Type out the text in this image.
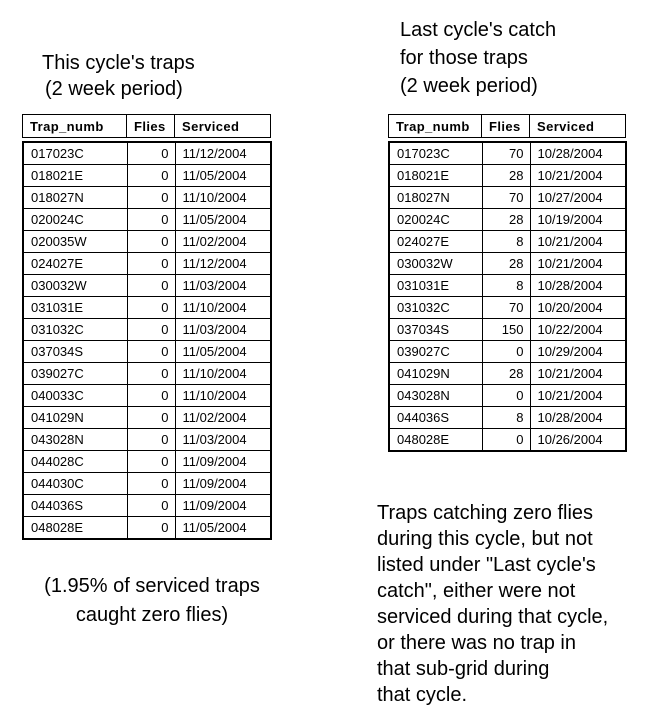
This cycle's traps
(2 week period)
Trap_numb	Flies	Serviced
017023C	0	11/12/2004
018021E	0	11/05/2004
018027N	0	11/10/2004
020024C	0	11/05/2004
020035W	0	11/02/2004
024027E	0	11/12/2004
030032W	0	11/03/2004
031031E	0	11/10/2004
031032C	0	11/03/2004
037034S	0	11/05/2004
039027C	0	11/10/2004
040033C	0	11/10/2004
041029N	0	11/02/2004
043028N	0	11/03/2004
044028C	0	11/09/2004
044030C	0	11/09/2004
044036S	0	11/09/2004
048028E	0	11/05/2004
(1.95% of serviced traps
caught zero flies)
Last cycle's catch
for those traps
(2 week period)
Trap_numb	Flies	Serviced
017023C	70	10/28/2004
018021E	28	10/21/2004
018027N	70	10/27/2004
020024C	28	10/19/2004
024027E	8	10/21/2004
030032W	28	10/21/2004
031031E	8	10/28/2004
031032C	70	10/20/2004
037034S	150	10/22/2004
039027C	0	10/29/2004
041029N	28	10/21/2004
043028N	0	10/21/2004
044036S	8	10/28/2004
048028E	0	10/26/2004
Traps catching zero flies
during this cycle, but not
listed under "Last cycle's
catch", either were not
serviced during that cycle,
or there was no trap in
that sub-grid during
that cycle.
